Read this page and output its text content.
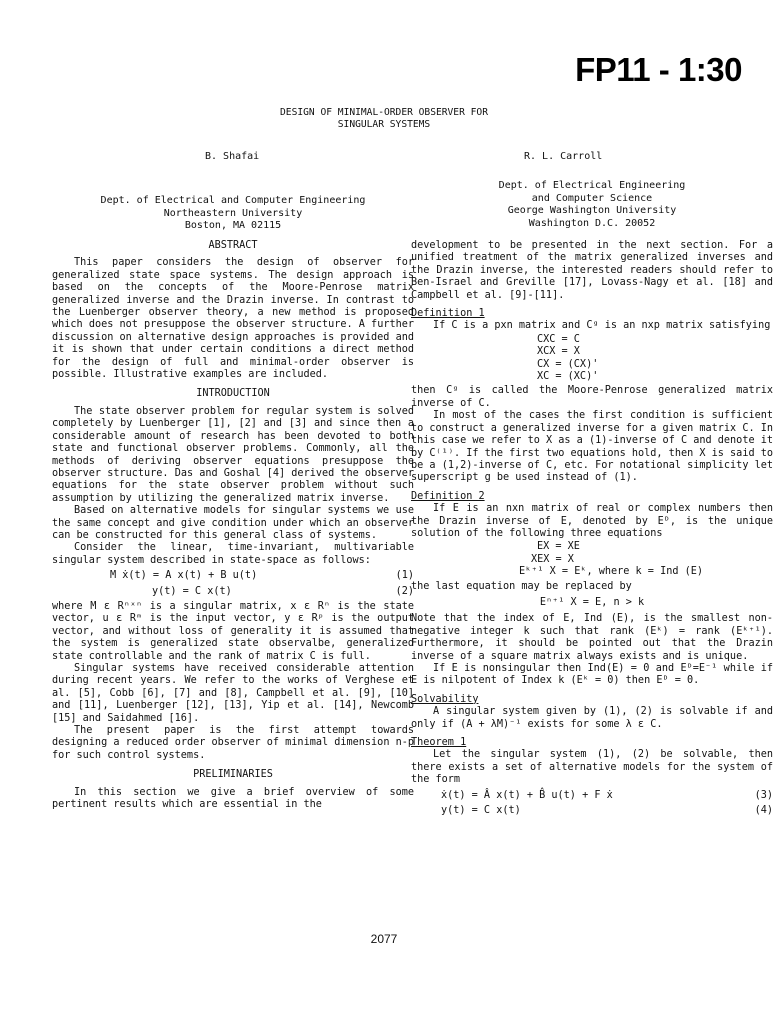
FP11 - 1:30
DESIGN OF MINIMAL-ORDER OBSERVER FOR
SINGULAR SYSTEMS
B. Shafai	R. L. Carroll
Dept. of Electrical and Computer Engineering
Northeastern University
Boston, MA 02115
Dept. of Electrical Engineering
and Computer Science
George Washington University
Washington D.C. 20052
ABSTRACT

This paper considers the design of observer for generalized state space systems. The design approach is based on the concepts of the Moore-Penrose matrix generalized inverse and the Drazin inverse. In contrast to the Luenberger observer theory, a new method is proposed which does not presuppose the observer structure. A further discussion on alternative design approaches is provided and it is shown that under certain conditions a direct method for the design of full and minimal-order observer is possible. Illustrative examples are included.

INTRODUCTION

The state observer problem for regular system is solved completely by Luenberger [1], [2] and [3] and since then a considerable amount of research has been devoted to both state and functional observer problems. Commonly, all the methods of deriving observer equations presuppose the observer structure. Das and Goshal [4] derived the observer equations for the state observer problem without such assumption by utilizing the generalized matrix inverse.

Based on alternative models for singular systems we use the same concept and give condition under which an observer can be constructed for this general class of systems.

Consider the linear, time-invariant, multivariable singular system described in state-space as follows:

M ẋ(t) = A x(t) + B u(t)	(1)
y(t) = C x(t)	(2)

where M ε Rⁿˣⁿ is a singular matrix, x ε Rⁿ is the state vector, u ε Rᵐ is the input vector, y ε Rᵖ is the output vector, and without loss of generality it is assumed that the system is generalized state observalbe, generalized state controllable and the rank of matrix C is full.

Singular systems have received considerable attention during recent years. We refer to the works of Verghese et al. [5], Cobb [6], [7] and [8], Campbell et al. [9], [10] and [11], Luenberger [12], [13], Yip et al. [14], Newcomb [15] and Saidahmed [16].

The present paper is the first attempt towards designing a reduced order observer of minimal dimension n-p for such control systems.

PRELIMINARIES

In this section we give a brief overview of some pertinent results which are essential in the

development to be presented in the next section. For a unified treatment of the matrix generalized inverses and the Drazin inverse, the interested readers should refer to Ben-Israel and Greville [17], Lovass-Nagy et al. [18] and Campbell et al. [9]-[11].

Definition 1

If C is a pxn matrix and Cᵍ is an nxp matrix satisfying

CXC = C
XCX = X
CX = (CX)'
XC = (XC)'

then Cᵍ is called the Moore-Penrose generalized matrix inverse of C.

In most of the cases the first condition is sufficient to construct a generalized inverse for a given matrix C. In this case we refer to X as a (1)-inverse of C and denote it by C⁽¹⁾. If the first two equations hold, then X is said to be a (1,2)-inverse of C, etc. For notational simplicity let superscript g be used instead of (1).

Definition 2

If E is an nxn matrix of real or complex numbers then the Drazin inverse of E, denoted by Eᴰ, is the unique solution of the following three equations

EX = XE
XEX = X
Eᵏ⁺¹ X = Eᵏ, where k = Ind (E)

the last equation may be replaced by

Eⁿ⁺¹ X = E, n > k

Note that the index of E, Ind (E), is the smallest non-negative integer k such that rank (Eᵏ) = rank (Eᵏ⁺¹). Furthermore, it should be pointed out that the Drazin inverse of a square matrix always exists and is unique.

If E is nonsingular then Ind(E) = 0 and Eᴰ=E⁻¹ while if E is nilpotent of Index k (Eᵏ = 0) then Eᴰ = 0.

Solvability

A singular system given by (1), (2) is solvable if and only if (A + λM)⁻¹ exists for some λ ε C.

Theorem 1

Let the singular system (1), (2) be solvable, then there exists a set of alternative models for the system of the form

ẋ(t) = Â x(t) + B̂ u(t) + F ẋ	(3)
y(t) = C x(t)	(4)
2077
